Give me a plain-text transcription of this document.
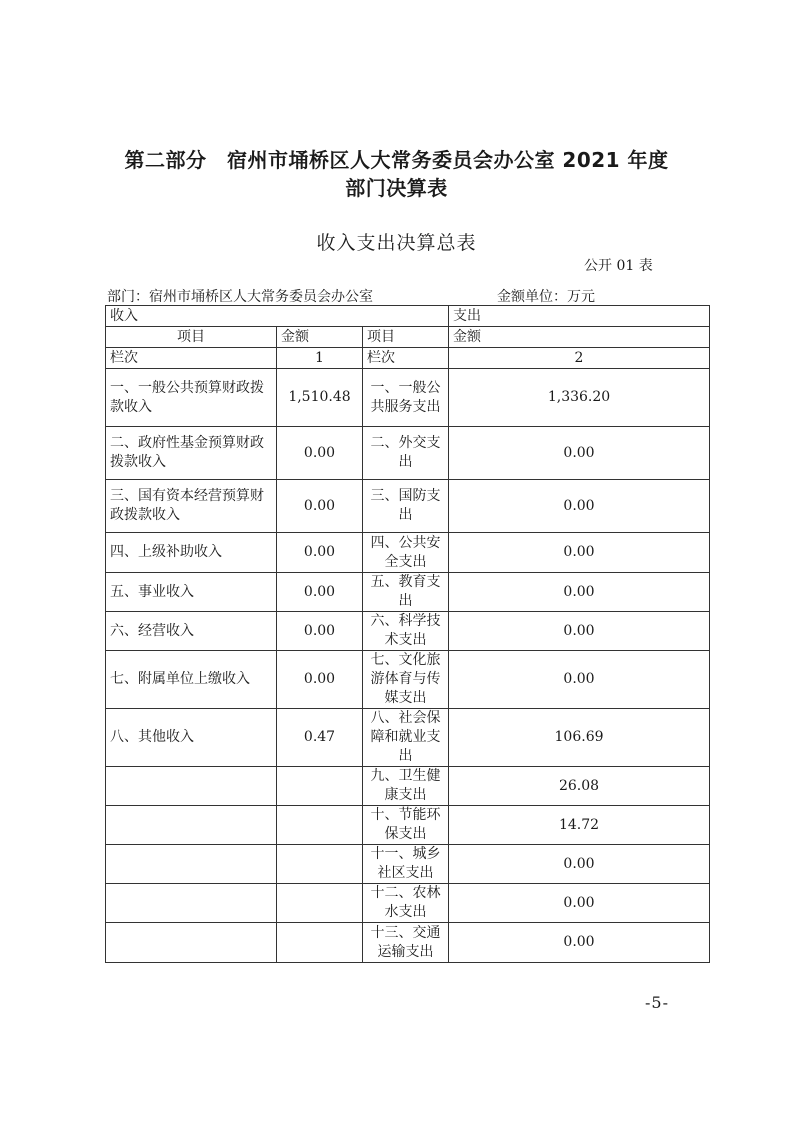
第二部分　宿州市埇桥区人大常务委员会办公室 2021 年度
部门决算表
收入支出决算总表
公开 01 表
部门：宿州市埇桥区人大常务委员会办公室	金额单位：万元
收入			支出
项目	金额	项目	金额
栏次	1	栏次	2
一、一般公共预算财政拨款收入	1,510.48	一、一般公共服务支出	1,336.20
二、政府性基金预算财政拨款收入	0.00	二、外交支出	0.00
三、国有资本经营预算财政拨款收入	0.00	三、国防支出	0.00
四、上级补助收入	0.00	四、公共安全支出	0.00
五、事业收入	0.00	五、教育支出	0.00
六、经营收入	0.00	六、科学技术支出	0.00
七、附属单位上缴收入	0.00	七、文化旅游体育与传媒支出	0.00
八、其他收入	0.47	八、社会保障和就业支出	106.69
		九、卫生健康支出	26.08
		十、节能环保支出	14.72
		十一、城乡社区支出	0.00
		十二、农林水支出	0.00
		十三、交通运输支出	0.00
-5-
